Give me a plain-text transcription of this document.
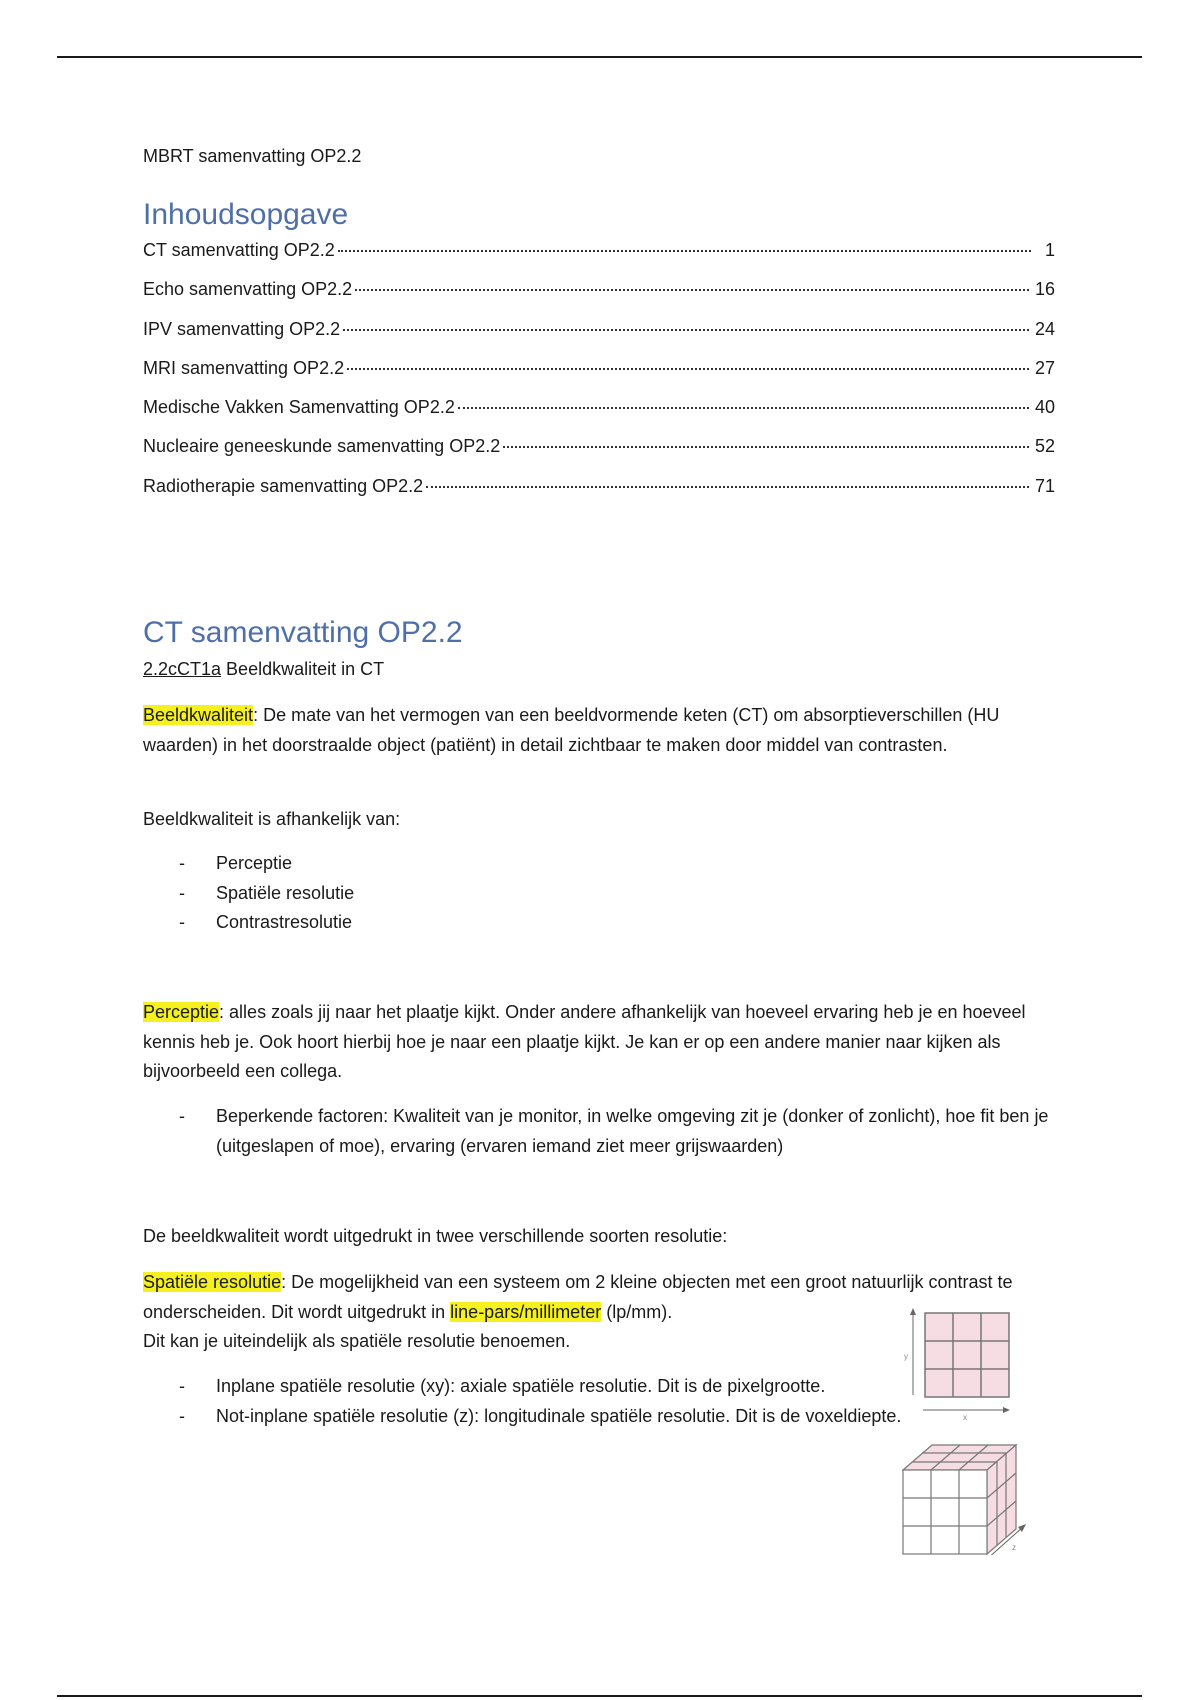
MBRT samenvatting OP2.2

Inhoudsopgave
CT samenvatting OP2.2	1
Echo samenvatting OP2.2	16
IPV samenvatting OP2.2	24
MRI samenvatting OP2.2	27
Medische Vakken Samenvatting OP2.2	40
Nucleaire geneeskunde samenvatting OP2.2	52
Radiotherapie samenvatting OP2.2	71
CT samenvatting OP2.2

2.2cCT1a Beeldkwaliteit in CT

Beeldkwaliteit: De mate van het vermogen van een beeldvormende keten (CT) om absorptieverschillen (HU waarden) in het doorstraalde object (patiënt) in detail zichtbaar te maken door middel van contrasten.

Beeldkwaliteit is afhankelijk van:

- Perceptie
- Spatiële resolutie
- Contrastresolutie

Perceptie: alles zoals jij naar het plaatje kijkt. Onder andere afhankelijk van hoeveel ervaring heb je en hoeveel kennis heb je. Ook hoort hierbij hoe je naar een plaatje kijkt. Je kan er op een andere manier naar kijken als bijvoorbeeld een collega.

- Beperkende factoren: Kwaliteit van je monitor, in welke omgeving zit je (donker of zonlicht), hoe fit ben je (uitgeslapen of moe), ervaring (ervaren iemand ziet meer grijswaarden)

De beeldkwaliteit wordt uitgedrukt in twee verschillende soorten resolutie:

Spatiële resolutie: De mogelijkheid van een systeem om 2 kleine objecten met een groot natuurlijk contrast te onderscheiden. Dit wordt uitgedrukt in line-pars/millimeter (lp/mm).
Dit kan je uiteindelijk als spatiële resolutie benoemen.

- Inplane spatiële resolutie (xy): axiale spatiële resolutie. Dit is de pixelgrootte.
- Not-inplane spatiële resolutie (z): longitudinale spatiële resolutie. Dit is de voxeldiepte.
y
x
z
